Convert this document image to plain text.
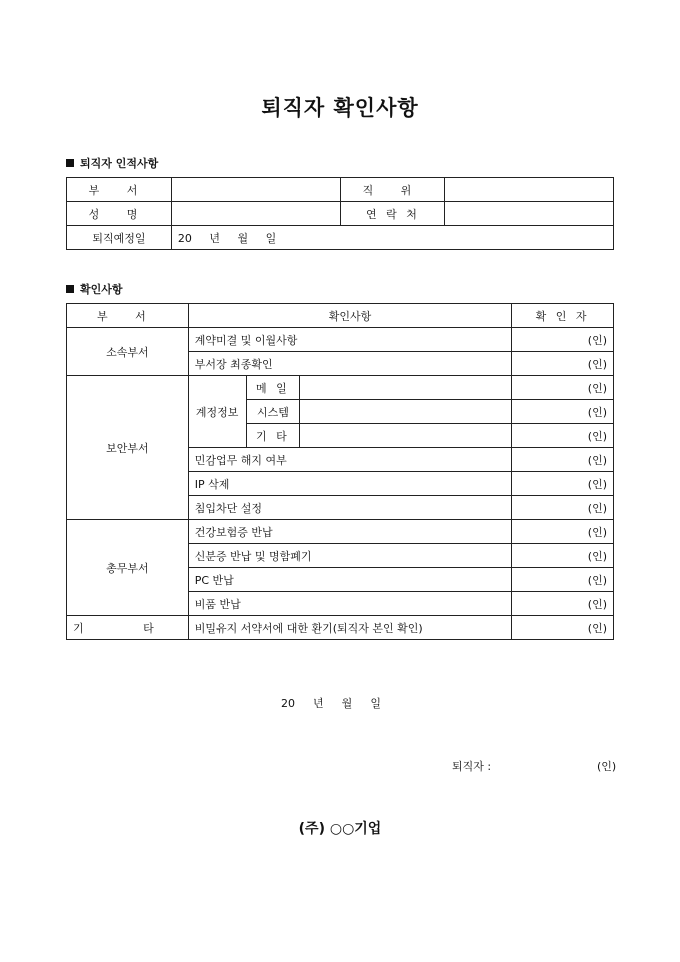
퇴직자 확인사항
퇴직자 인적사항
부 서		직 위	
성 명		연 락 처	
퇴직예정일	20 년 월 일		
확인사항
부 서	확인사항			확 인 자
소속부서	계약미결 및 이월사항			(인)
	부서장 최종확인			(인)
보안부서	계정정보	메 일		(인)
		시스템		(인)
		기 타		(인)
	민감업무 해지 여부			(인)
	IP 삭제			(인)
	침입차단 설정			(인)
총무부서	건강보험증 반납			(인)
	신분증 반납 및 명함폐기			(인)
	PC 반납			(인)
	비품 반납			(인)
기 타	비밀유지 서약서에 대한 환기(퇴직자 본인 확인)			(인)
20 년 월 일
퇴직자 :	(인)
(주) ○○기업
